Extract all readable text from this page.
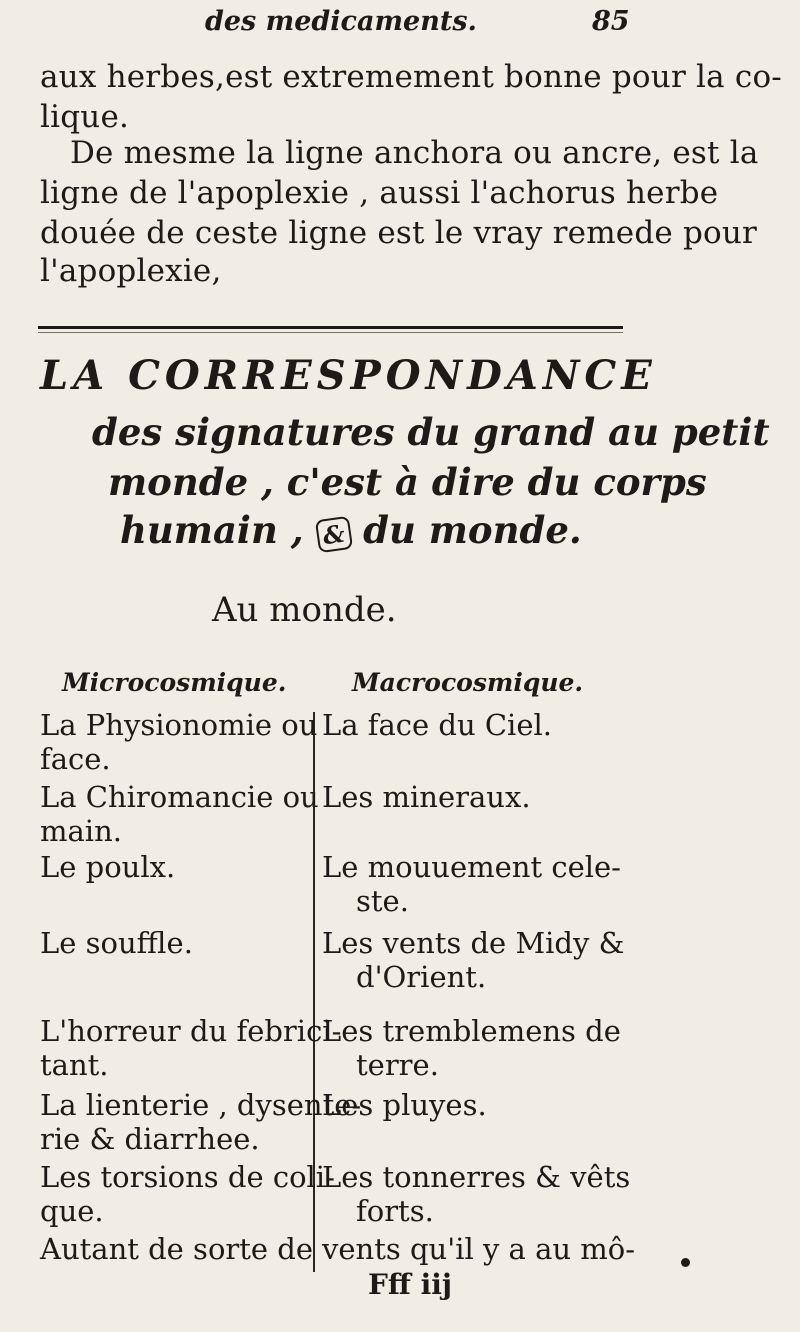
des medicaments.	85
aux herbes,est extremement bonne pour la co-
lique.
De mesme la ligne anchora ou ancre, est la
ligne de l'apoplexie , aussi l'achorus herbe
douée de ceste ligne est le vray remede pour
l'apoplexie,
LA CORRESPONDANCE
des signatures du grand au petit
monde , c'est à dire du corps
humain , & du monde.
Au monde.
Microcosmique.	Macrocosmique.
La Physionomie ou
face.
La Chiromancie ou
main.
Le poulx.
Le souffle.
L'horreur du febrici-
tant.
La lienterie , dysente-
rie & diarrhee.
Les torsions de coli-
que.
Autant de sorte de
La face du Ciel.
Les mineraux.
Le mouuement cele-
ste.
Les vents de Midy &
d'Orient.
Les tremblemens de
terre.
Les pluyes.
Les tonnerres & vêts
forts.
vents qu'il y a au mô-
Fff iij
